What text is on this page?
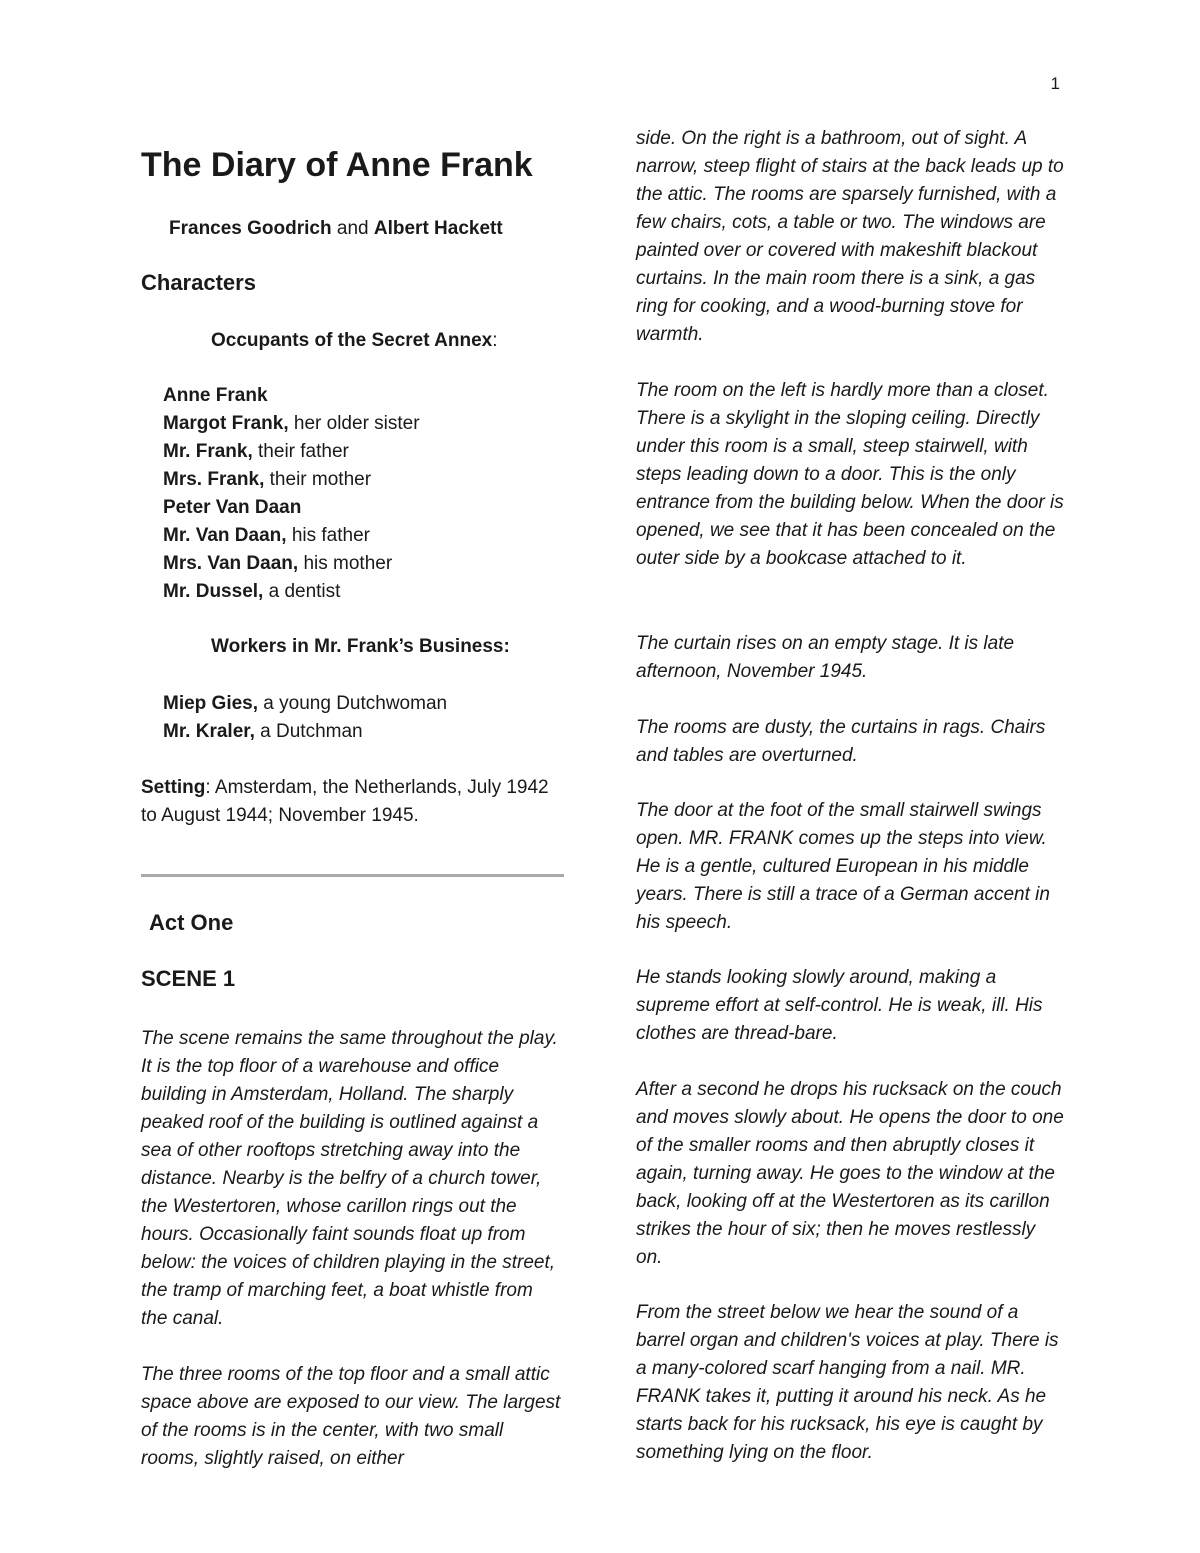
1
The Diary of Anne Frank
Frances Goodrich and Albert Hackett
Characters
Occupants of the Secret Annex:
Anne Frank
Margot Frank, her older sister
Mr. Frank, their father
Mrs. Frank, their mother
Peter Van Daan
Mr. Van Daan, his father
Mrs. Van Daan, his mother
Mr. Dussel, a dentist
Workers in Mr. Frank’s Business:
Miep Gies, a young Dutchwoman
Mr. Kraler, a Dutchman
Setting: Amsterdam, the Netherlands, July 1942 to August 1944; November 1945.
Act One
SCENE 1

The scene remains the same throughout the play. It is the top floor of a warehouse and office building in Amsterdam, Holland. The sharply peaked roof of the building is outlined against a sea of other rooftops stretching away into the distance. Nearby is the belfry of a church tower, the Westertoren, whose carillon rings out the hours. Occasionally faint sounds float up from below: the voices of children playing in the street, the tramp of marching feet, a boat whistle from the canal.

The three rooms of the top floor and a small attic space above are exposed to our view. The largest of the rooms is in the center, with two small rooms, slightly raised, on either

side. On the right is a bathroom, out of sight. A narrow, steep flight of stairs at the back leads up to the attic. The rooms are sparsely furnished, with a few chairs, cots, a table or two. The windows are painted over or covered with makeshift blackout curtains. In the main room there is a sink, a gas ring for cooking, and a wood-burning stove for warmth.

The room on the left is hardly more than a closet. There is a skylight in the sloping ceiling. Directly under this room is a small, steep stairwell, with steps leading down to a door. This is the only entrance from the building below. When the door is opened, we see that it has been concealed on the outer side by a bookcase attached to it.

The curtain rises on an empty stage. It is late afternoon, November 1945.

The rooms are dusty, the curtains in rags. Chairs and tables are overturned.

The door at the foot of the small stairwell swings open. MR. FRANK comes up the steps into view. He is a gentle, cultured European in his middle years. There is still a trace of a German accent in his speech.

He stands looking slowly around, making a supreme effort at self-control. He is weak, ill. His clothes are thread-bare.

After a second he drops his rucksack on the couch and moves slowly about. He opens the door to one of the smaller rooms and then abruptly closes it again, turning away. He goes to the window at the back, looking off at the Westertoren as its carillon strikes the hour of six; then he moves restlessly on.

From the street below we hear the sound of a barrel organ and children's voices at play. There is a many-colored scarf hanging from a nail. MR. FRANK takes it, putting it around his neck. As he starts back for his rucksack, his eye is caught by something lying on the floor.
